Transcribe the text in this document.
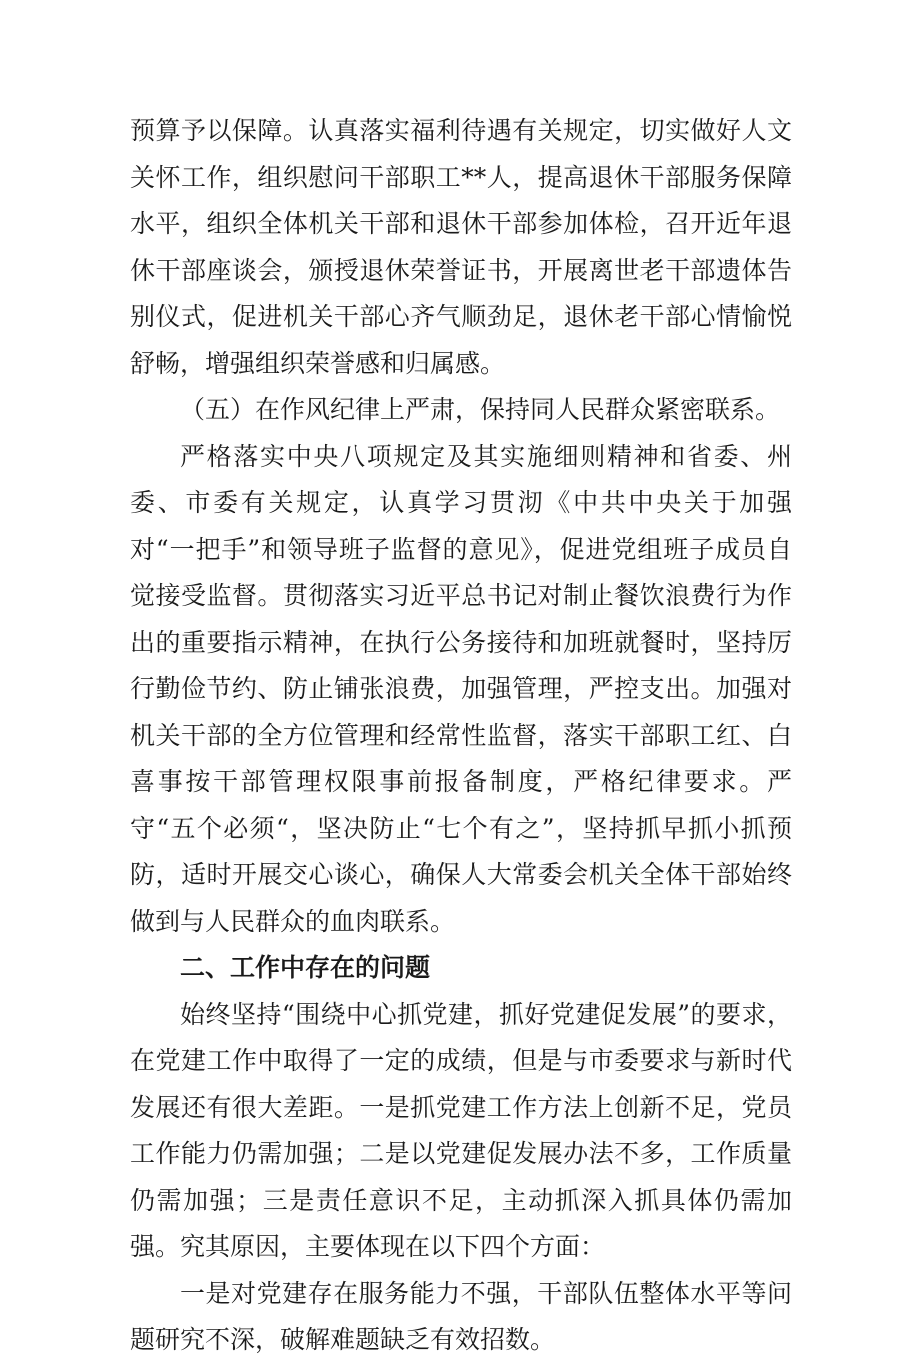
预算予以保障。认真落实福利待遇有关规定，切实做好人文关怀工作，组织慰问干部职工**人，提高退休干部服务保障水平，组织全体机关干部和退休干部参加体检，召开近年退休干部座谈会，颁授退休荣誉证书，开展离世老干部遗体告别仪式，促进机关干部心齐气顺劲足，退休老干部心情愉悦舒畅，增强组织荣誉感和归属感。

（五）在作风纪律上严肃，保持同人民群众紧密联系。

严格落实中央八项规定及其实施细则精神和省委、州委、市委有关规定，认真学习贯沏《中共中央关于加强对“一把手”和领导班子监督的意见》，促进党组班子成员自觉接受监督。贯彻落实习近平总书记对制止餐饮浪费行为作出的重要指示精神，在执行公务接待和加班就餐时，坚持厉行勤俭节约、防止铺张浪费，加强管理，严控支出。加强对机关干部的全方位管理和经常性监督，落实干部职工红、白喜事按干部管理权限事前报备制度，严格纪律要求。严守“五个必须“，坚决防止“七个有之”，坚持抓早抓小抓预防，适时开展交心谈心，确保人大常委会机关全体干部始终做到与人民群众的血肉联系。

二、工作中存在的问题

始终坚持“围绕中心抓党建，抓好党建促发展”的要求，在党建工作中取得了一定的成绩，但是与市委要求与新时代发展还有很大差距。一是抓党建工作方法上创新不足，党员工作能力仍需加强；二是以党建促发展办法不多，工作质量仍需加强；三是责任意识不足，主动抓深入抓具体仍需加强。究其原因，主要体现在以下四个方面：

一是对党建存在服务能力不强，干部队伍整体水平等问题研究不深，破解难题缺乏有效招数。
